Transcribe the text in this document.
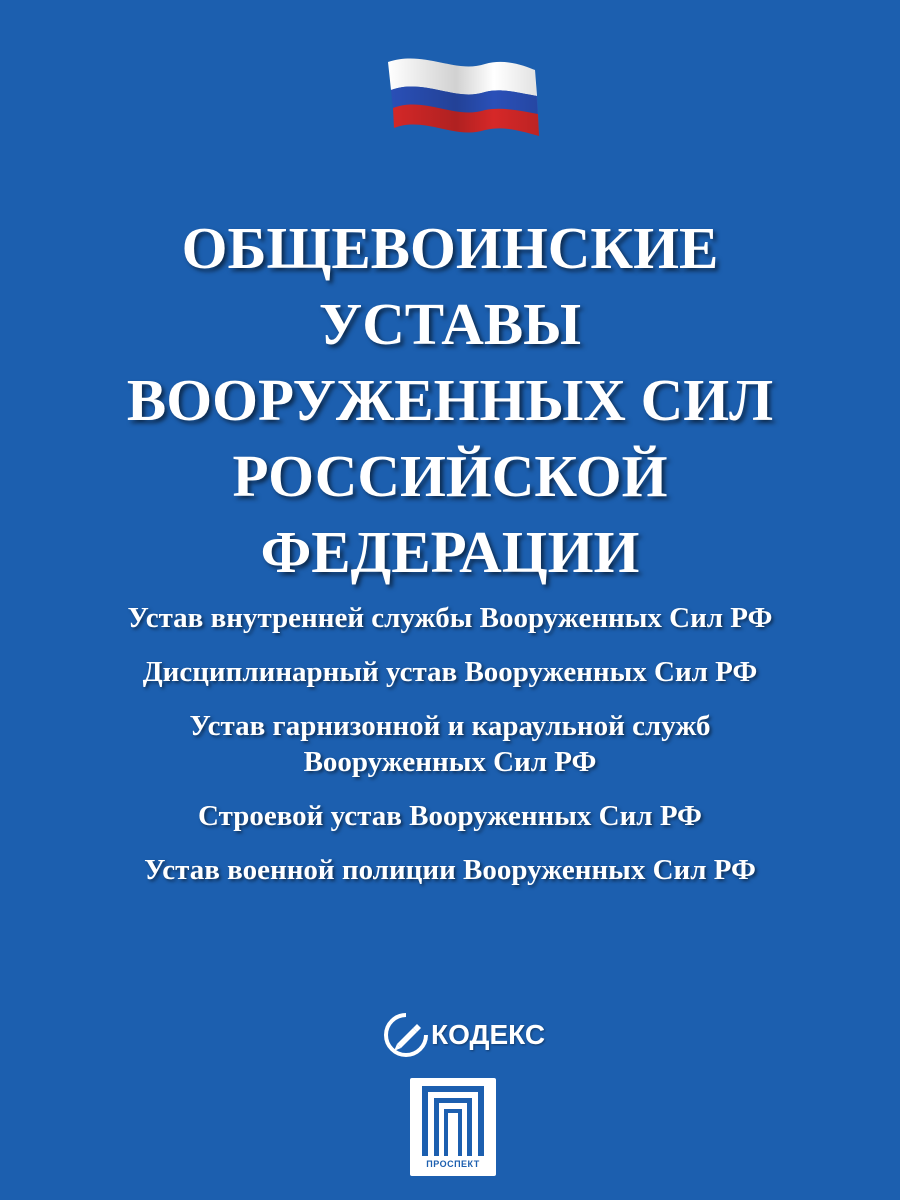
ОБЩЕВОИНСКИЕ
УСТАВЫ
ВООРУЖЕННЫХ СИЛ
РОССИЙСКОЙ
ФЕДЕРАЦИИ
Устав внутренней службы Вооруженных Сил РФ
Дисциплинарный устав Вооруженных Сил РФ
Устав гарнизонной и караульной служб
Вооруженных Сил РФ
Строевой устав Вооруженных Сил РФ
Устав военной полиции Вооруженных Сил РФ
КОДЕКС
ПРОСПЕКТ
